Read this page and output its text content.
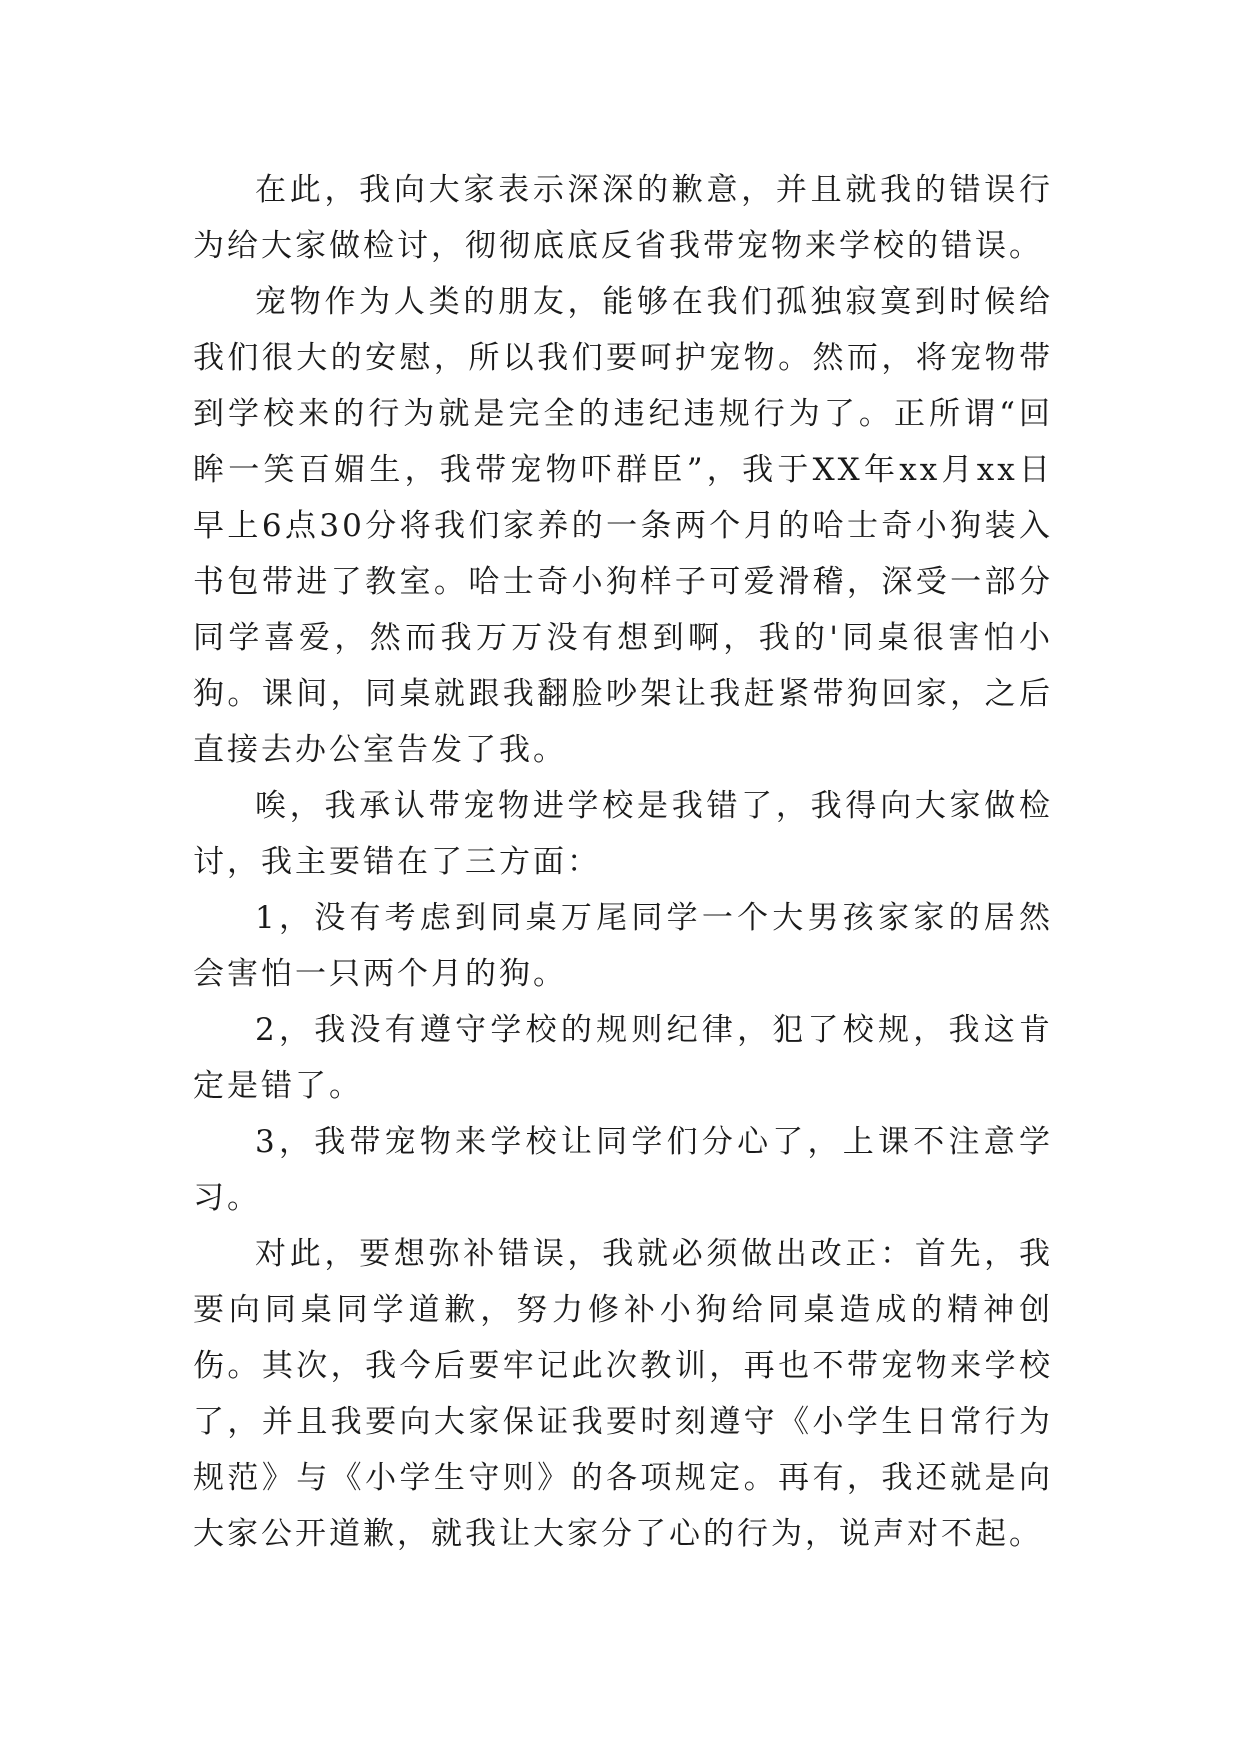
在此，我向大家表示深深的歉意，并且就我的错误行为给大家做检讨，彻彻底底反省我带宠物来学校的错误。

宠物作为人类的朋友，能够在我们孤独寂寞到时候给我们很大的安慰，所以我们要呵护宠物。然而，将宠物带到学校来的行为就是完全的违纪违规行为了。正所谓“回眸一笑百媚生，我带宠物吓群臣”，我于XX年xx月xx日早上6点30分将我们家养的一条两个月的哈士奇小狗装入书包带进了教室。哈士奇小狗样子可爱滑稽，深受一部分同学喜爱，然而我万万没有想到啊，我的'同桌很害怕小狗。课间，同桌就跟我翻脸吵架让我赶紧带狗回家，之后直接去办公室告发了我。

唉，我承认带宠物进学校是我错了，我得向大家做检讨，我主要错在了三方面：

1，没有考虑到同桌万尾同学一个大男孩家家的居然会害怕一只两个月的狗。

2，我没有遵守学校的规则纪律，犯了校规，我这肯定是错了。

3，我带宠物来学校让同学们分心了，上课不注意学习。

对此，要想弥补错误，我就必须做出改正：首先，我要向同桌同学道歉，努力修补小狗给同桌造成的精神创伤。其次，我今后要牢记此次教训，再也不带宠物来学校了，并且我要向大家保证我要时刻遵守《小学生日常行为规范》与《小学生守则》的各项规定。再有，我还就是向大家公开道歉，就我让大家分了心的行为，说声对不起。
